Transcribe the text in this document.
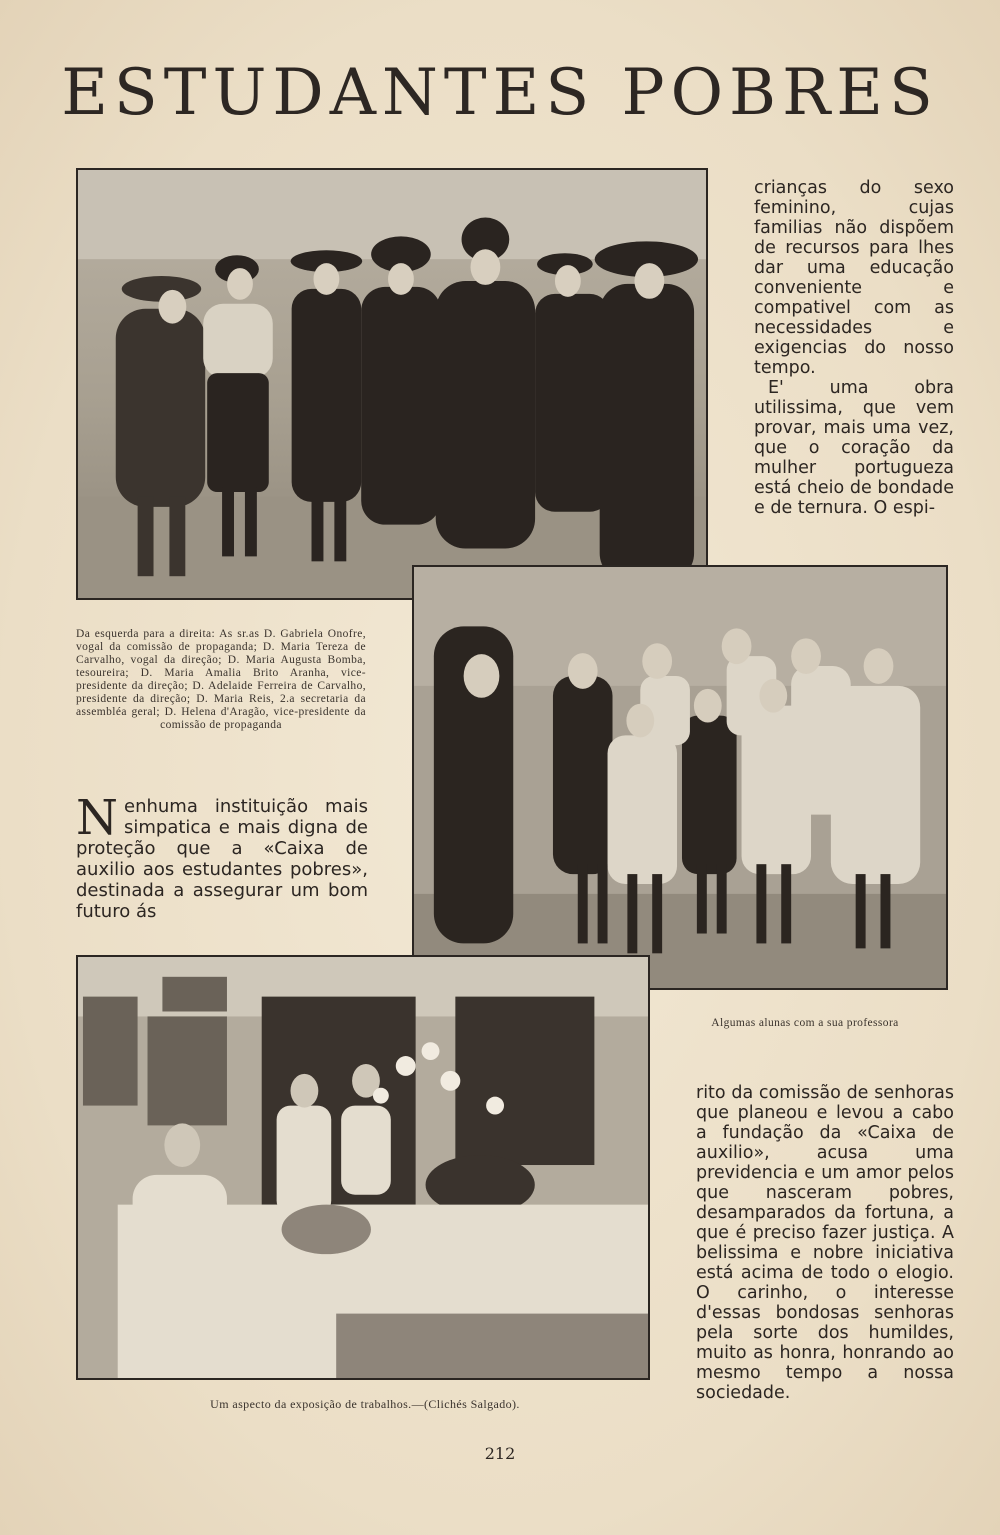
ESTUDANTES POBRES

crianças do sexo feminino, cujas familias não dispõem de recursos para lhes dar uma educação conveniente e compativel com as necessidades e exigencias do nosso tempo.

E' uma obra utilissima, que vem provar, mais uma vez, que o coração da mulher portugueza está cheio de bondade e de ternura. O espi-

Da esquerda para a direita: As sr.as D. Gabriela Onofre, vogal da comissão de propaganda; D. Maria Tereza de Carvalho, vogal da direção; D. Maria Augusta Bomba, tesoureira; D. Maria Amalia Brito Aranha, vice-presidente da direção; D. Adelaide Ferreira de Carvalho, presidente da direção; D. Maria Reis, 2.a secretaria da assembléa geral; D. Helena d'Aragão, vice-presidente da comissão de propaganda
N enhuma instituição mais simpatica e mais digna de proteção que a «Caixa de auxilio aos estudantes pobres», destinada a assegurar um bom futuro ás
Algumas alunas com a sua professora

rito da comissão de senhoras que planeou e levou a cabo a fundação da «Caixa de auxilio», acusa uma previdencia e um amor pelos que nasceram pobres, desamparados da fortuna, a que é preciso fazer justiça. A belissima e nobre iniciativa está acima de todo o elogio. O carinho, o interesse d'essas bondosas senhoras pela sorte dos humildes, muito as honra, honrando ao mesmo tempo a nossa sociedade.

Um aspecto da exposição de trabalhos.—(Clichés Salgado).
212
